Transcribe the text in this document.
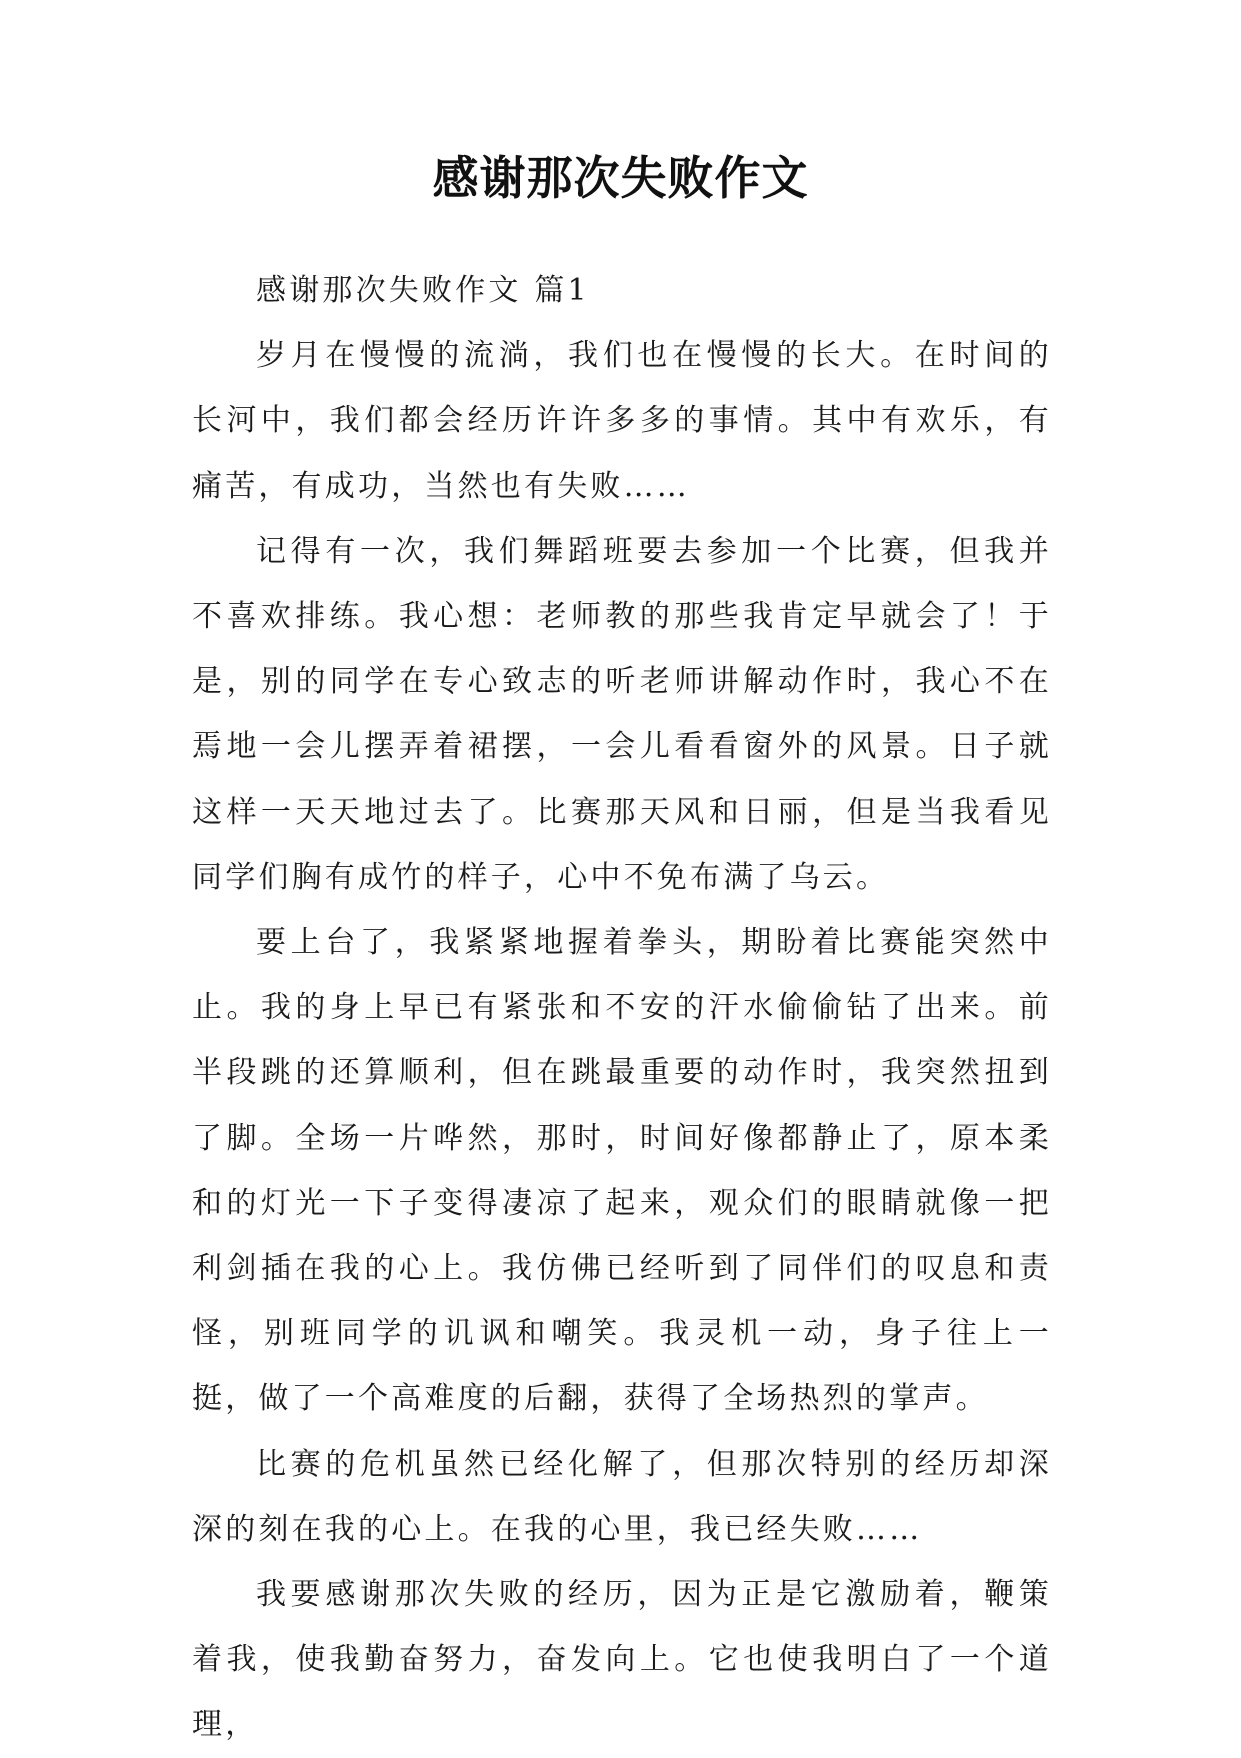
感谢那次失败作文

感谢那次失败作文 篇1

岁月在慢慢的流淌，我们也在慢慢的长大。在时间的长河中，我们都会经历许许多多的事情。其中有欢乐，有痛苦，有成功，当然也有失败……

记得有一次，我们舞蹈班要去参加一个比赛，但我并不喜欢排练。我心想：老师教的那些我肯定早就会了！于是，别的同学在专心致志的听老师讲解动作时，我心不在焉地一会儿摆弄着裙摆，一会儿看看窗外的风景。日子就这样一天天地过去了。比赛那天风和日丽，但是当我看见同学们胸有成竹的样子，心中不免布满了乌云。

要上台了，我紧紧地握着拳头，期盼着比赛能突然中止。我的身上早已有紧张和不安的汗水偷偷钻了出来。前半段跳的还算顺利，但在跳最重要的动作时，我突然扭到了脚。全场一片哗然，那时，时间好像都静止了，原本柔和的灯光一下子变得凄凉了起来，观众们的眼睛就像一把利剑插在我的心上。我仿佛已经听到了同伴们的叹息和责怪，别班同学的讥讽和嘲笑。我灵机一动，身子往上一挺，做了一个高难度的后翻，获得了全场热烈的掌声。

比赛的危机虽然已经化解了，但那次特别的经历却深深的刻在我的心上。在我的心里，我已经失败……

我要感谢那次失败的经历，因为正是它激励着，鞭策着我，使我勤奋努力，奋发向上。它也使我明白了一个道理，
